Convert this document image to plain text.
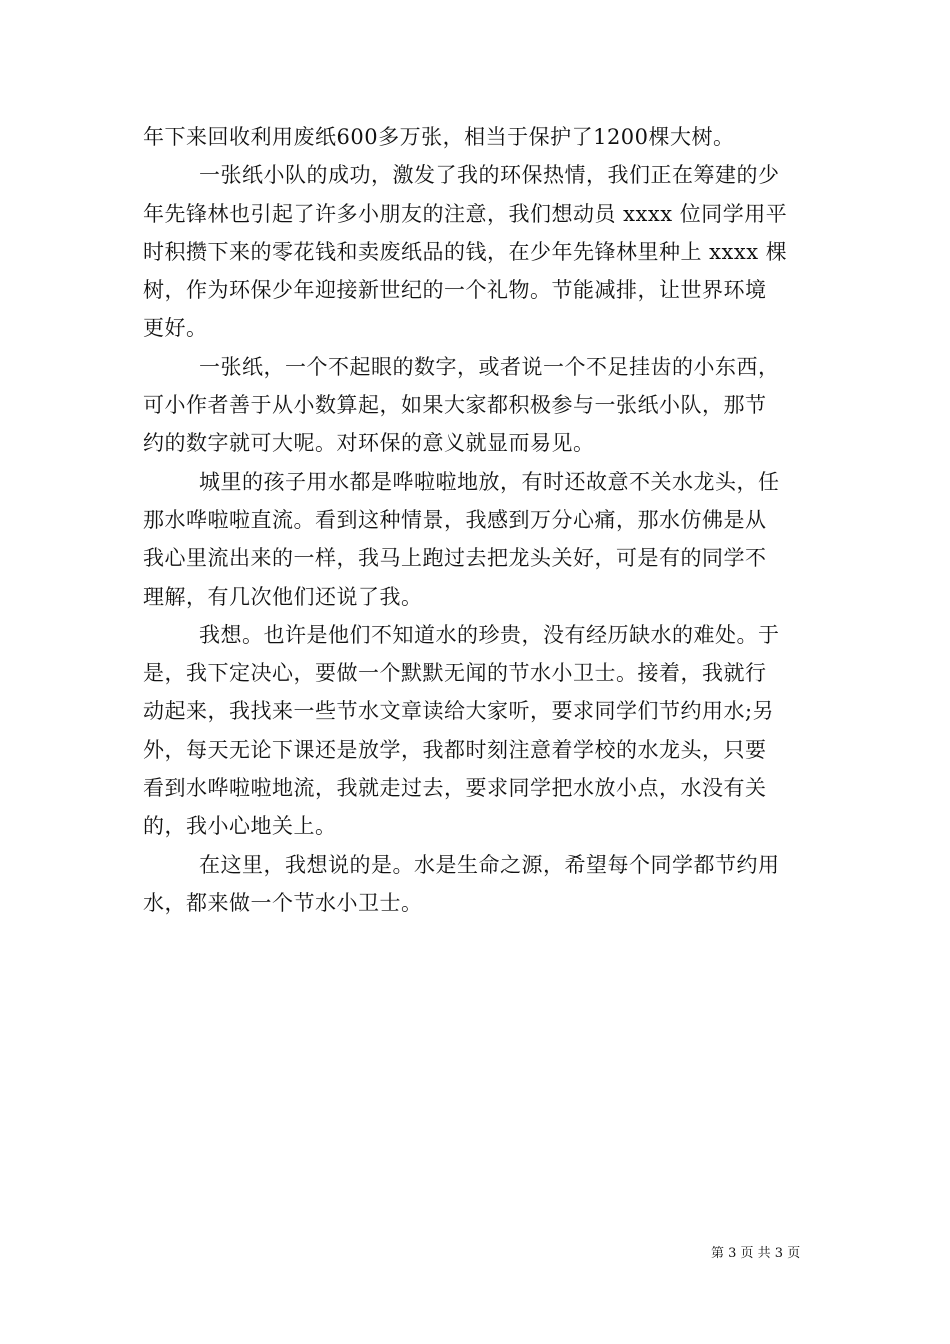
年下来回收利用废纸600多万张，相当于保护了1200棵大树。
一张纸小队的成功，激发了我的环保热情，我们正在筹建的少
年先锋林也引起了许多小朋友的注意，我们想动员 xxxx 位同学用平
时积攒下来的零花钱和卖废纸品的钱，在少年先锋林里种上 xxxx 棵
树，作为环保少年迎接新世纪的一个礼物。节能减排，让世界环境
更好。
一张纸，一个不起眼的数字，或者说一个不足挂齿的小东西，
可小作者善于从小数算起，如果大家都积极参与一张纸小队，那节
约的数字就可大呢。对环保的意义就显而易见。
城里的孩子用水都是哗啦啦地放，有时还故意不关水龙头，任
那水哗啦啦直流。看到这种情景，我感到万分心痛，那水仿佛是从
我心里流出来的一样，我马上跑过去把龙头关好，可是有的同学不
理解，有几次他们还说了我。
我想。也许是他们不知道水的珍贵，没有经历缺水的难处。于
是，我下定决心，要做一个默默无闻的节水小卫士。接着，我就行
动起来，我找来一些节水文章读给大家听，要求同学们节约用水;另
外，每天无论下课还是放学，我都时刻注意着学校的水龙头，只要
看到水哗啦啦地流，我就走过去，要求同学把水放小点，水没有关
的，我小心地关上。
在这里，我想说的是。水是生命之源，希望每个同学都节约用
水，都来做一个节水小卫士。
第 3 页 共 3 页
